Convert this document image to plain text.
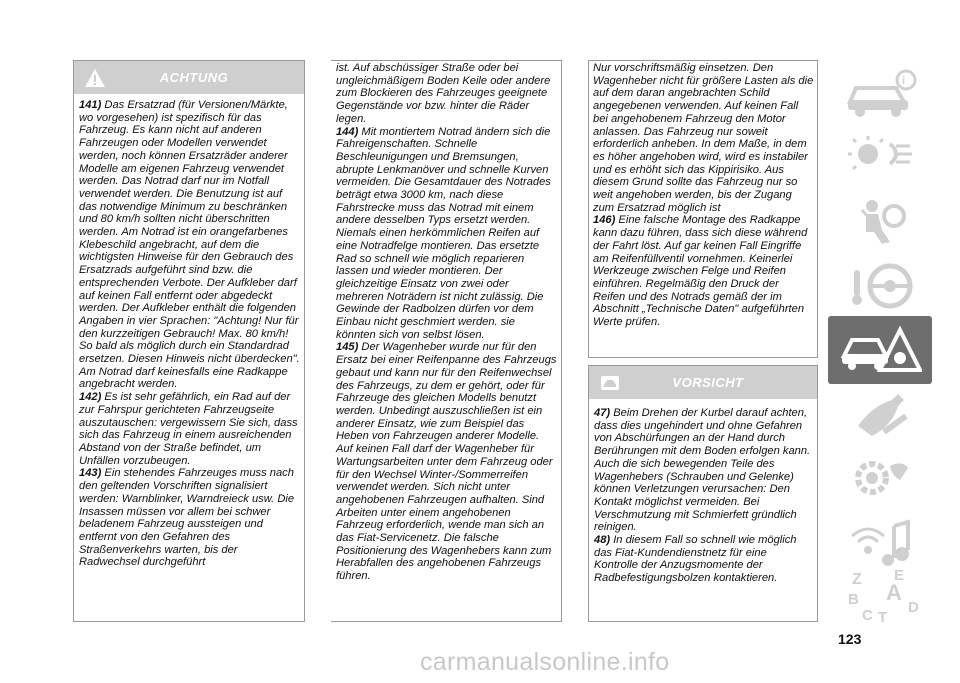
ACHTUNG

141) Das Ersatzrad (für Versionen/Märkte, wo vorgesehen) ist spezifisch für das Fahrzeug. Es kann nicht auf anderen Fahrzeugen oder Modellen verwendet werden, noch können Ersatzräder anderer Modelle am eigenen Fahrzeug verwendet werden. Das Notrad darf nur im Notfall verwendet werden. Die Benutzung ist auf das notwendige Minimum zu beschränken und 80 km/h sollten nicht überschritten werden. Am Notrad ist ein orangefarbenes Klebeschild angebracht, auf dem die wichtigsten Hinweise für den Gebrauch des Ersatzrads aufgeführt sind bzw. die entsprechenden Verbote. Der Aufkleber darf auf keinen Fall entfernt oder abgedeckt werden. Der Aufkleber enthält die folgenden Angaben in vier Sprachen: "Achtung! Nur für den kurzzeitigen Gebrauch! Max. 80 km/h! So bald als möglich durch ein Standardrad ersetzen. Diesen Hinweis nicht überdecken". Am Notrad darf keinesfalls eine Radkappe angebracht werden.

142) Es ist sehr gefährlich, ein Rad auf der zur Fahrspur gerichteten Fahrzeugseite auszutauschen: vergewissern Sie sich, dass sich das Fahrzeug in einem ausreichenden Abstand von der Straße befindet, um Unfällen vorzubeugen.

143) Ein stehendes Fahrzeuges muss nach den geltenden Vorschriften signalisiert werden: Warnblinker, Warndreieck usw. Die Insassen müssen vor allem bei schwer beladenem Fahrzeug aussteigen und entfernt von den Gefahren des Straßenverkehrs warten, bis der Radwechsel durchgeführt

ist. Auf abschüssiger Straße oder bei ungleichmäßigem Boden Keile oder andere zum Blockieren des Fahrzeuges geeignete Gegenstände vor bzw. hinter die Räder legen.

144) Mit montiertem Notrad ändern sich die Fahreigenschaften. Schnelle Beschleunigungen und Bremsungen, abrupte Lenkmanöver und schnelle Kurven vermeiden. Die Gesamtdauer des Notrades beträgt etwa 3000 km, nach diese Fahrstrecke muss das Notrad mit einem andere desselben Typs ersetzt werden. Niemals einen herkömmlichen Reifen auf eine Notradfelge montieren. Das ersetzte Rad so schnell wie möglich reparieren lassen und wieder montieren. Der gleichzeitige Einsatz von zwei oder mehreren Noträdern ist nicht zulässig. Die Gewinde der Radbolzen dürfen vor dem Einbau nicht geschmiert werden. sie könnten sich von selbst lösen.

145) Der Wagenheber wurde nur für den Ersatz bei einer Reifenpanne des Fahrzeugs gebaut und kann nur für den Reifenwechsel des Fahrzeugs, zu dem er gehört, oder für Fahrzeuge des gleichen Modells benutzt werden. Unbedingt auszuschließen ist ein anderer Einsatz, wie zum Beispiel das Heben von Fahrzeugen anderer Modelle. Auf keinen Fall darf der Wagenheber für Wartungsarbeiten unter dem Fahrzeug oder für den Wechsel Winter-/Sommerreifen verwendet werden. Sich nicht unter angehobenen Fahrzeugen aufhalten. Sind Arbeiten unter einem angehobenen Fahrzeug erforderlich, wende man sich an das Fiat-Servicenetz. Die falsche Positionierung des Wagenhebers kann zum Herabfallen des angehobenen Fahrzeugs führen.

Nur vorschriftsmäßig einsetzen. Den Wagenheber nicht für größere Lasten als die auf dem daran angebrachten Schild angegebenen verwenden. Auf keinen Fall bei angehobenem Fahrzeug den Motor anlassen. Das Fahrzeug nur soweit erforderlich anheben. In dem Maße, in dem es höher angehoben wird, wird es instabiler und es erhöht sich das Kippirisiko. Aus diesem Grund sollte das Fahrzeug nur so weit angehoben werden, bis der Zugang zum Ersatzrad möglich ist

146) Eine falsche Montage des Radkappe kann dazu führen, dass sich diese während der Fahrt löst. Auf gar keinen Fall Eingriffe am Reifenfüllventil vornehmen. Keinerlei Werkzeuge zwischen Felge und Reifen einführen. Regelmäßig den Druck der Reifen und des Notrads gemäß der im Abschnitt „Technische Daten" aufgeführten Werte prüfen.

VORSICHT

47) Beim Drehen der Kurbel darauf achten, dass dies ungehindert und ohne Gefahren von Abschürfungen an der Hand durch Berührungen mit dem Boden erfolgen kann. Auch die sich bewegenden Teile des Wagenhebers (Schrauben und Gelenke) können Verletzungen verursachen: Den Kontakt möglichst vermeiden. Bei Verschmutzung mit Schmierfett gründlich reinigen.

48) In diesem Fall so schnell wie möglich das Fiat-Kundendienstnetz für eine Kontrolle der Anzugsmomente der Radbefestigungsbolzen kontaktieren.

i
Z E
B A
C D
T
123
carmanualsonline.info
